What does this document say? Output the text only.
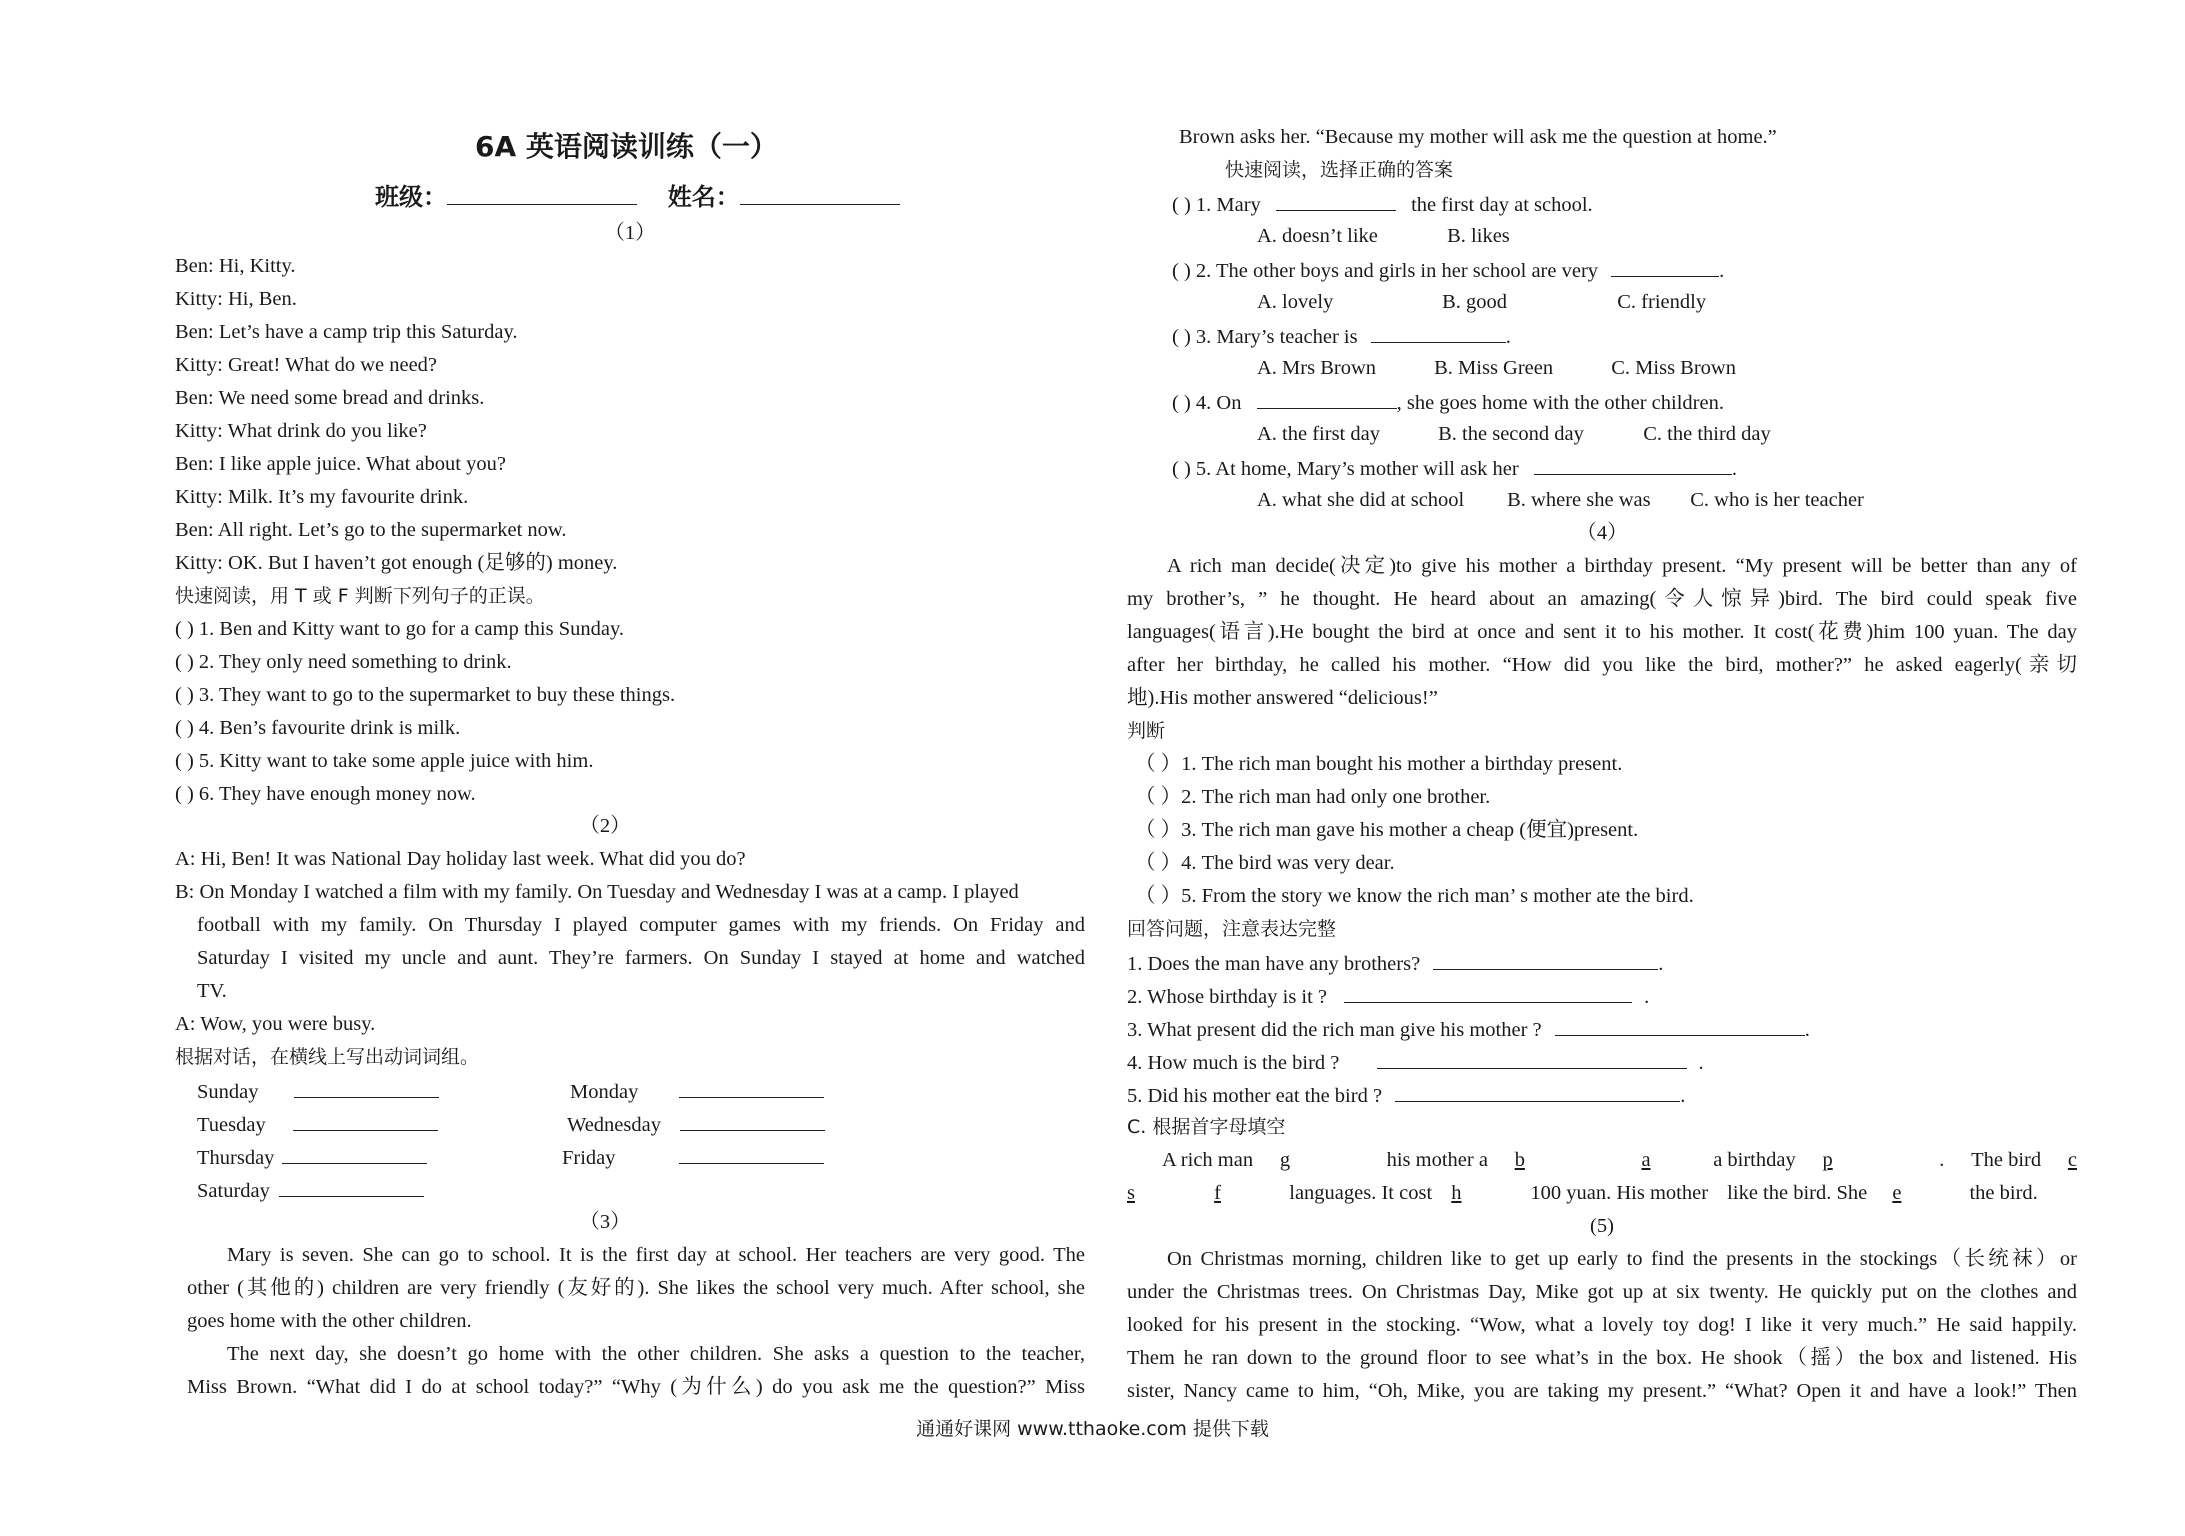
6A 英语阅读训练（一）
班级：	姓名：
（1）
Ben: Hi, Kitty.
Kitty: Hi, Ben.
Ben: Let’s have a camp trip this Saturday.
Kitty: Great! What do we need?
Ben: We need some bread and drinks.
Kitty: What drink do you like?
Ben: I like apple juice. What about you?
Kitty: Milk. It’s my favourite drink.
Ben: All right. Let’s go to the supermarket now.
Kitty: OK. But I haven’t got enough (足够的) money.
快速阅读，用 T 或 F 判断下列句子的正误。
( ) 1. Ben and Kitty want to go for a camp this Sunday.
( ) 2. They only need something to drink.
( ) 3. They want to go to the supermarket to buy these things.
( ) 4. Ben’s favourite drink is milk.
( ) 5. Kitty want to take some apple juice with him.
( ) 6. They have enough money now.
（2）
A: Hi, Ben! It was National Day holiday last week. What did you do?
B: On Monday I watched a film with my family. On Tuesday and Wednesday I was at a camp. I played
football with my family. On Thursday I played computer games with my friends. On Friday and
Saturday I visited my uncle and aunt. They’re farmers. On Sunday I stayed at home and watched
TV.
A: Wow, you were busy.
根据对话，在横线上写出动词词组。
Sunday	Monday
Tuesday	Wednesday
Thursday	Friday
Saturday
（3）
Mary is seven. She can go to school. It is the first day at school. Her teachers are very good. The
other (其他的) children are very friendly (友好的). She likes the school very much. After school, she
goes home with the other children.
The next day, she doesn’t go home with the other children. She asks a question to the teacher,
Miss Brown. “What did I do at school today?” “Why (为什么) do you ask me the question?” Miss
Brown asks her. “Because my mother will ask me the question at home.”
快速阅读，选择正确的答案
( ) 1. Mary	the first day at school.
A. doesn’t like	B. likes
( ) 2. The other boys and girls in her school are very	.
A. lovely	B. good	C. friendly
( ) 3. Mary’s teacher is	.
A. Mrs Brown	B. Miss Green	C. Miss Brown
( ) 4. On	, she goes home with the other children.
A. the first day	B. the second day	C. the third day
( ) 5. At home, Mary’s mother will ask her	.
A. what she did at school B. where she was C. who is her teacher
（4）
A rich man decide(决定)to give his mother a birthday present. “My present will be better than any of
my brother’s, ” he thought. He heard about an amazing(令人惊异)bird. The bird could speak five
languages(语言).He bought the bird at once and sent it to his mother. It cost(花费)him 100 yuan. The day
after her birthday, he called his mother. “How did you like the bird, mother?” he asked eagerly(亲切
地).His mother answered “delicious!”
判断
（ ）1. The rich man bought his mother a birthday present.
（ ）2. The rich man had only one brother.
（ ）3. The rich man gave his mother a cheap (便宜)present.
（ ）4. The bird was very dear.
（ ）5. From the story we know the rich man’ s mother ate the bird.
回答问题，注意表达完整
1. Does the man have any brothers?	.
2. Whose birthday is it ?	.
3. What present did the rich man give his mother ?	.
4. How much is the bird ?	.
5. Did his mother eat the bird ?	.
C. 根据首字母填空
A rich man g	his mother a b	a	a birthday p	. The bird c
s	f	languages. It cost h	100 yuan. His mother like the bird. She e	the bird.
(5)
On Christmas morning, children like to get up early to find the presents in the stockings（长统袜）or
under the Christmas trees. On Christmas Day, Mike got up at six twenty. He quickly put on the clothes and
looked for his present in the stocking. “Wow, what a lovely toy dog! I like it very much.” He said happily.
Them he ran down to the ground floor to see what’s in the box. He shook（摇）the box and listened. His
sister, Nancy came to him, “Oh, Mike, you are taking my present.” “What? Open it and have a look!” Then
通通好课网 www.tthaoke.com 提供下载
